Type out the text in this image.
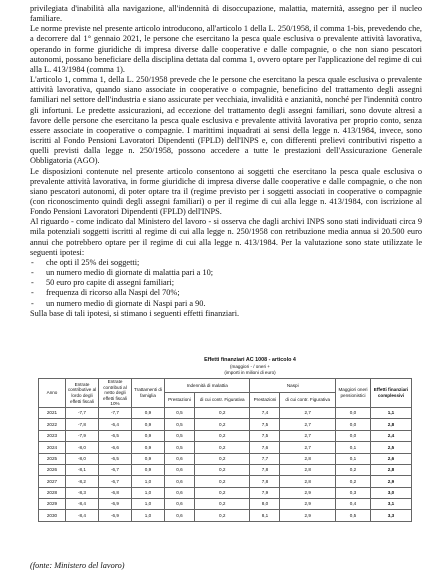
privilegiata d'inabilità alla navigazione, all'indennità di disoccupazione, malattia, maternità, assegno per il nucleo familiare.

Le norme previste nel presente articolo introducono, all'articolo 1 della L. 250/1958, il comma 1-bis, prevedendo che, a decorrere dal 1° gennaio 2021, le persone che esercitano la pesca quale esclusiva o prevalente attività lavorativa, operando in forme giuridiche di impresa diverse dalle cooperative e dalle compagnie, o che non siano pescatori autonomi, possano beneficiare della disciplina dettata dal comma 1, ovvero optare per l'applicazione del regime di cui alla L. 413/1984 (comma 1).

L'articolo 1, comma 1, della L. 250/1958 prevede che le persone che esercitano la pesca quale esclusiva o prevalente attività lavorativa, quando siano associate in cooperative o compagnie, beneficino del trattamento degli assegni familiari nel settore dell'industria e siano assicurate per vecchiaia, invalidità e anzianità, nonché per l'indennità contro gli infortuni. Le predette assicurazioni, ad eccezione del trattamento degli assegni familiari, sono dovute altresì a favore delle persone che esercitano la pesca quale esclusiva e prevalente attività lavorativa per proprio conto, senza essere associate in cooperative o compagnie. I marittimi inquadrati ai sensi della legge n. 413/1984, invece, sono iscritti al Fondo Pensioni Lavoratori Dipendenti (FPLD) dell'INPS e, con differenti prelievi contributivi rispetto a quelli previsti dalla legge n. 250/1958, possono accedere a tutte le prestazioni dell'Assicurazione Generale Obbligatoria (AGO).

Le disposizioni contenute nel presente articolo consentono ai soggetti che esercitano la pesca quale esclusiva o prevalente attività lavorativa, in forme giuridiche di impresa diverse dalle cooperative e dalle compagnie, o che non siano pescatori autonomi, di poter optare tra il (regime previsto per i soggetti associati in cooperative o compagnie (con riconoscimento quindi degli assegni familiari) o per il regime di cui alla legge n. 413/1984, con iscrizione al Fondo Pensioni Lavoratori Dipendenti (FPLD) dell'INPS.

Al riguardo - come indicato dal Ministero del lavoro - si osserva che dagli archivi INPS sono stati individuati circa 9 mila potenziali soggetti iscritti al regime di cui alla legge n. 250/1958 con retribuzione media annua si 20.500 euro annui che potrebbero optare per il regime di cui alla legge n. 413/1984. Per la valutazione sono state utilizzate le seguenti ipotesi:

- che opti il 25% dei soggetti;
- un numero medio di giornate di malattia pari a 10;
- 50 euro pro capite di assegni familiari;
- frequenza di ricorso alla Naspi del 70%;
- un numero medio di giornate di Naspi pari a 90.

Sulla base di tali ipotesi, si stimano i seguenti effetti finanziari.

Effetti finanziari AC 1008 - articolo 4
(maggiori - / oneri +
(importi in milioni di euro)
Anno	Entrate contributive al lordo degli effetti fiscali	Entrate contributi al netto degli effetti fiscali 10%	Trattamenti di famiglia	Indennità di malattia		Naspi		Maggiori oneri pensionistici	Effetti finanziari complessivi
				Prestazioni	di cui contr. Figurativa	Prestazioni	di cui contr. Figurativa		
2021	-7,7	-7,7	0,9	0,5	0,2	7,4	2,7	0,0	1,1
2022	-7,8	-6,4	0,9	0,5	0,2	7,5	2,7	0,0	2,8
2023	-7,9	-6,5	0,9	0,5	0,2	7,5	2,7	0,0	2,4
2024	-8,0	-6,6	0,9	0,5	0,2	7,6	2,7	0,1	2,5
2025	-8,0	-6,5	0,9	0,6	0,2	7,7	2,8	0,1	2,6
2026	-8,1	-6,7	0,9	0,6	0,2	7,8	2,8	0,2	2,8
2027	-8,2	-6,7	1,0	0,6	0,2	7,8	2,8	0,2	2,9
2028	-8,3	-6,8	1,0	0,6	0,2	7,9	2,9	0,3	3,0
2029	-8,4	-6,9	1,0	0,6	0,2	8,0	2,9	0,4	3,1
2030	-8,4	-6,9	1,0	0,6	0,2	8,1	2,9	0,5	3,3
(fonte: Ministero del lavoro)
